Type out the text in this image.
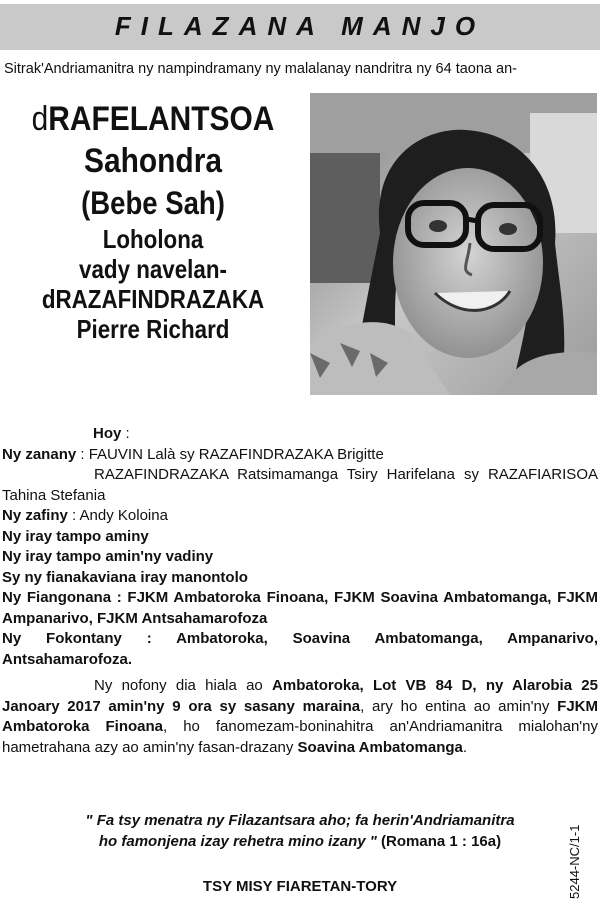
FILAZANA MANJO
Sitrak'Andriamanitra ny nampindramany ny malalanay nandritra ny 64 taona an-
dRAFELANTSOA
Sahondra
(Bebe Sah)
Loholona
vady navelan-
dRAZAFINDRAZAKA
Pierre Richard
Hoy :
Ny zanany : FAUVIN Lalà sy RAZAFINDRAZAKA Brigitte
RAZAFINDRAZAKA Ratsimamanga Tsiry Harifelana sy RAZAFIARISOA
Tahina Stefania
Ny zafiny : Andy Koloina
Ny iray tampo aminy
Ny iray tampo amin'ny vadiny
Sy ny fianakaviana iray manontolo
Ny Fiangonana : FJKM Ambatoroka Finoana, FJKM Soavina Ambatomanga, FJKM Ampanarivo, FJKM Antsahamarofoza
Ny Fokontany : Ambatoroka, Soavina Ambatomanga, Ampanarivo, Antsahamarofoza.
Ny nofony dia hiala ao Ambatoroka, Lot VB 84 D, ny Alarobia 25 Janoary 2017 amin'ny 9 ora sy sasany maraina, ary ho entina ao amin'ny FJKM Ambatoroka Finoana, ho fanomezam-boninahitra an'Andriamanitra mialohan'ny hametrahana azy ao amin'ny fasan-drazany Soavina Ambatomanga.
" Fa tsy menatra ny Filazantsara aho; fa herin'Andriamanitra
ho famonjena izay rehetra mino izany " (Romana 1 : 16a)
TSY MISY FIARETAN-TORY	5244-NC/1-1
